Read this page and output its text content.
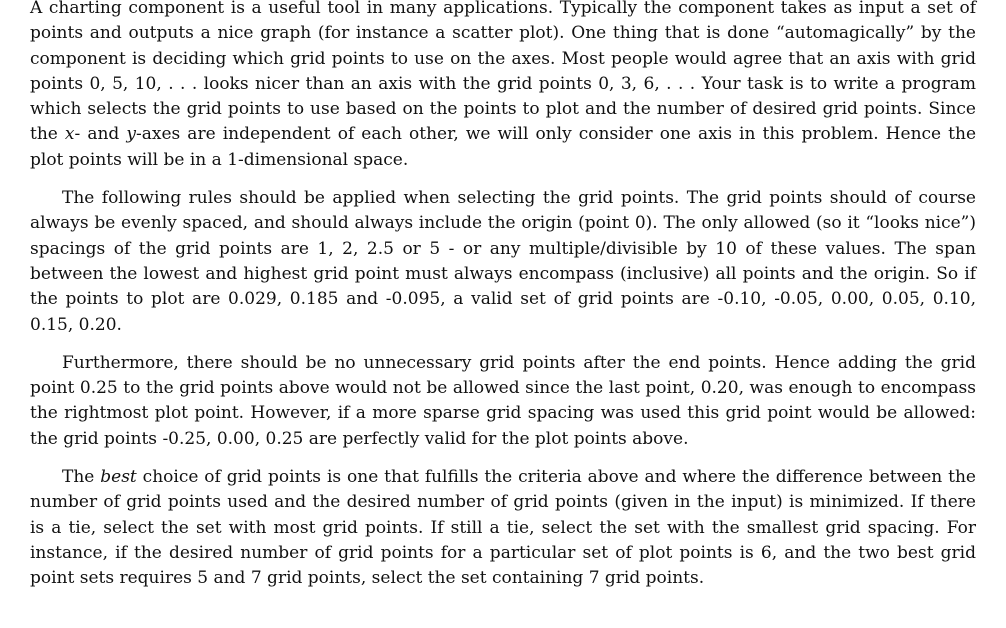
A charting component is a useful tool in many applications. Typically the component takes as input a set of points and outputs a nice graph (for instance a scatter plot). One thing that is done “automagically” by the component is deciding which grid points to use on the axes. Most people would agree that an axis with grid points 0, 5, 10, . . . looks nicer than an axis with the grid points 0, 3, 6, . . . Your task is to write a program which selects the grid points to use based on the points to plot and the number of desired grid points. Since the x- and y-axes are independent of each other, we will only consider one axis in this problem. Hence the plot points will be in a 1-dimensional space.

The following rules should be applied when selecting the grid points. The grid points should of course always be evenly spaced, and should always include the origin (point 0). The only allowed (so it “looks nice”) spacings of the grid points are 1, 2, 2.5 or 5 - or any multiple/divisible by 10 of these values. The span between the lowest and highest grid point must always encompass (inclusive) all points and the origin. So if the points to plot are 0.029, 0.185 and -0.095, a valid set of grid points are -0.10, -0.05, 0.00, 0.05, 0.10, 0.15, 0.20.

Furthermore, there should be no unnecessary grid points after the end points. Hence adding the grid point 0.25 to the grid points above would not be allowed since the last point, 0.20, was enough to encompass the rightmost plot point. However, if a more sparse grid spacing was used this grid point would be allowed: the grid points -0.25, 0.00, 0.25 are perfectly valid for the plot points above.

The best choice of grid points is one that fulfills the criteria above and where the difference between the number of grid points used and the desired number of grid points (given in the input) is minimized. If there is a tie, select the set with most grid points. If still a tie, select the set with the smallest grid spacing. For instance, if the desired number of grid points for a particular set of plot points is 6, and the two best grid point sets requires 5 and 7 grid points, select the set containing 7 grid points.
